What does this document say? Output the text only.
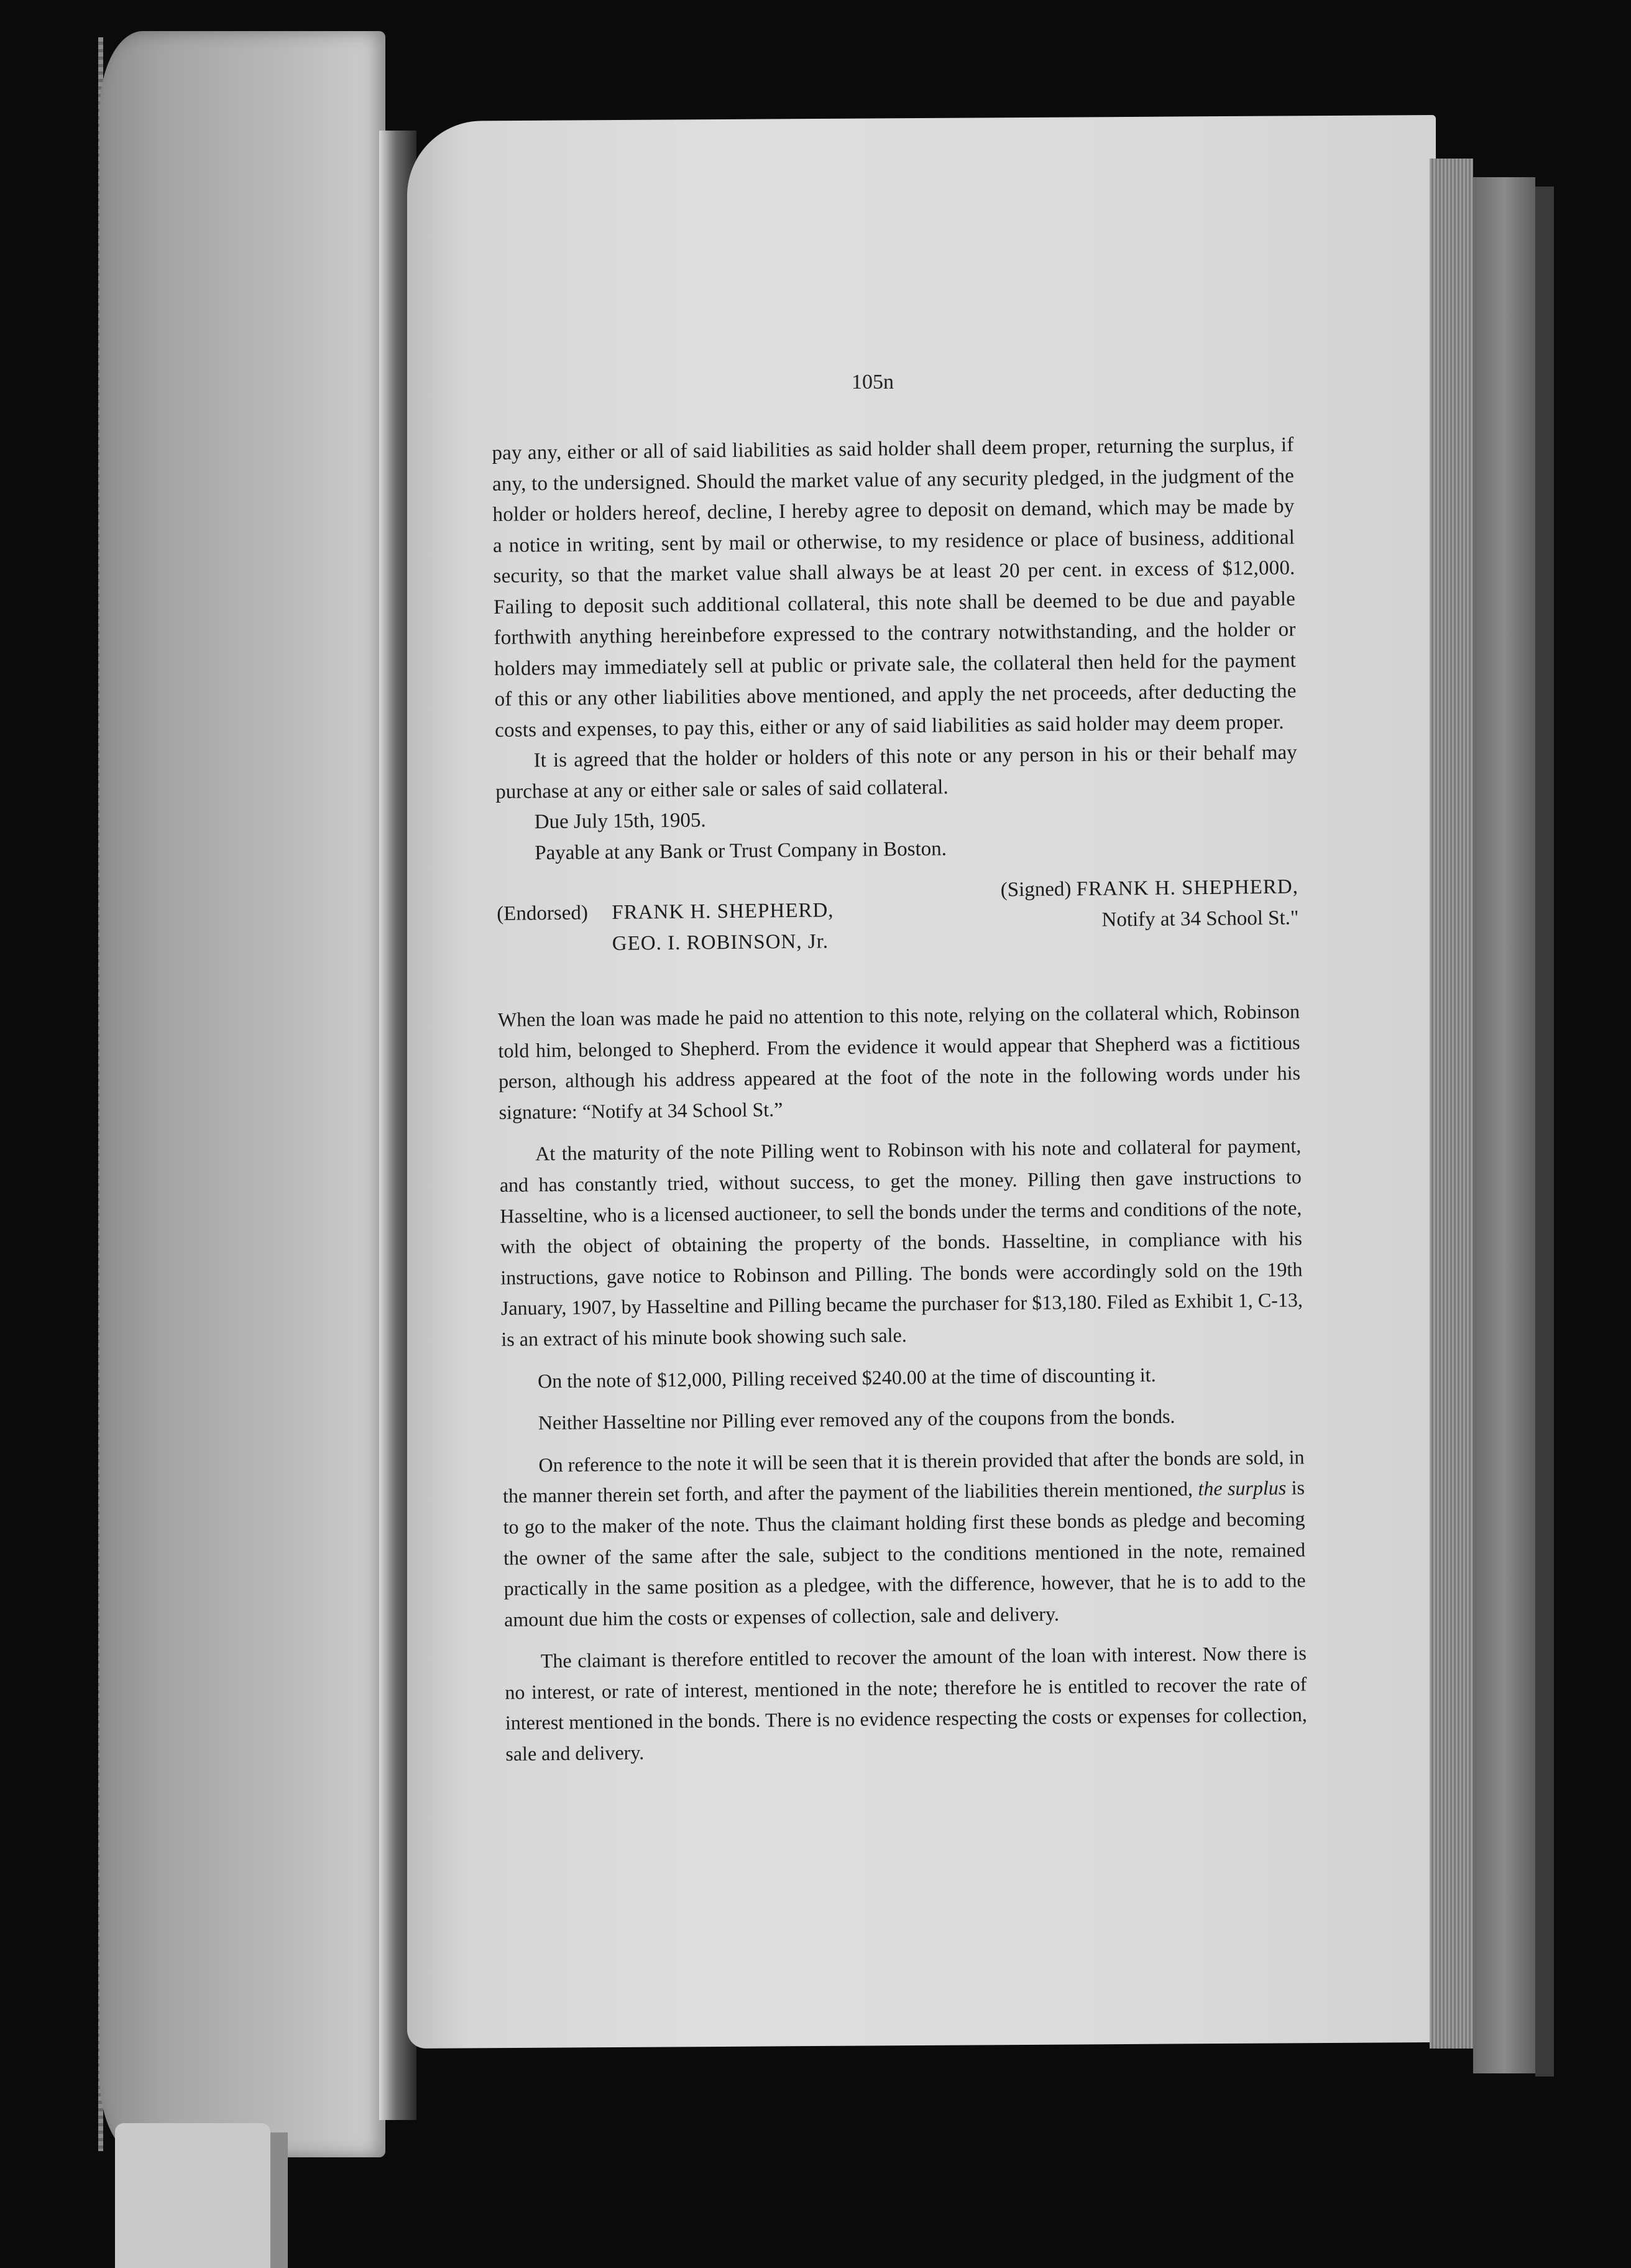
105n

pay any, either or all of said liabilities as said holder shall deem proper, returning the surplus, if any, to the undersigned. Should the market value of any security pledged, in the judgment of the holder or holders hereof, decline, I hereby agree to deposit on demand, which may be made by a notice in writing, sent by mail or otherwise, to my residence or place of business, additional security, so that the market value shall always be at least 20 per cent. in excess of $12,000. Failing to deposit such additional collateral, this note shall be deemed to be due and payable forthwith anything hereinbefore expressed to the contrary notwithstanding, and the holder or holders may immediately sell at public or private sale, the collateral then held for the payment of this or any other liabilities above mentioned, and apply the net proceeds, after deducting the costs and expenses, to pay this, either or any of said liabilities as said holder may deem proper.

It is agreed that the holder or holders of this note or any person in his or their behalf may purchase at any or either sale or sales of said collateral.

Due July 15th, 1905.

Payable at any Bank or Trust Company in Boston.

(Signed) FRANK H. SHEPHERD,
Notify at 34 School St."
(Endorsed) FRANK H. SHEPHERD,
GEO. I. ROBINSON, Jr.

When the loan was made he paid no attention to this note, relying on the collateral which, Robinson told him, belonged to Shepherd. From the evidence it would appear that Shepherd was a fictitious person, although his address appeared at the foot of the note in the following words under his signature: “Notify at 34 School St.”

At the maturity of the note Pilling went to Robinson with his note and collateral for payment, and has constantly tried, without success, to get the money. Pilling then gave instructions to Hasseltine, who is a licensed auctioneer, to sell the bonds under the terms and conditions of the note, with the object of obtaining the property of the bonds. Hasseltine, in compliance with his instructions, gave notice to Robinson and Pilling. The bonds were accordingly sold on the 19th January, 1907, by Hasseltine and Pilling became the purchaser for $13,180. Filed as Exhibit 1, C-13, is an extract of his minute book showing such sale.

On the note of $12,000, Pilling received $240.00 at the time of discounting it.

Neither Hasseltine nor Pilling ever removed any of the coupons from the bonds.

On reference to the note it will be seen that it is therein provided that after the bonds are sold, in the manner therein set forth, and after the payment of the liabilities therein mentioned, the surplus is to go to the maker of the note. Thus the claimant holding first these bonds as pledge and becoming the owner of the same after the sale, subject to the conditions mentioned in the note, remained practically in the same position as a pledgee, with the difference, however, that he is to add to the amount due him the costs or expenses of collection, sale and delivery.

The claimant is therefore entitled to recover the amount of the loan with interest. Now there is no interest, or rate of interest, mentioned in the note; therefore he is entitled to recover the rate of interest mentioned in the bonds. There is no evidence respecting the costs or expenses for collection, sale and delivery.
